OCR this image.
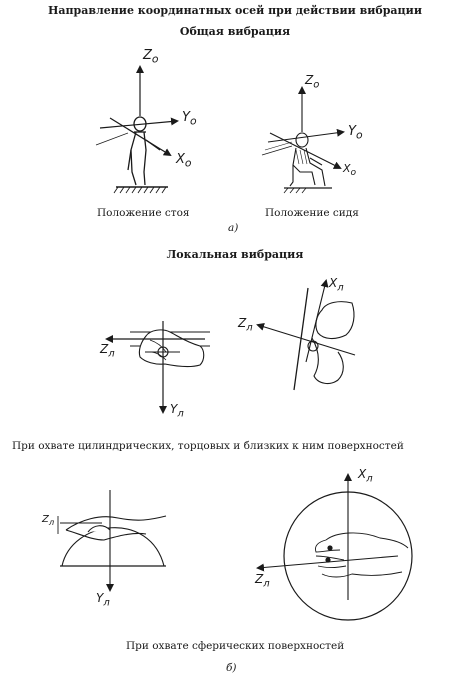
Направление координатных осей при действии вибрации
Общая вибрация
$Z_о$
$Y_о$
$X_о$
$Z_о$
$Y_о$
$X_о$
Положение стоя	Положение сидя
а)
Локальная вибрация
$Z_л$
$Y_л$
$X_л$
$Z_л$
При охвате цилиндрических, торцовых и близких к ним поверхностей
$Z_л$
$Y_л$
$X_л$
$Z_л$
При охвате сферических поверхностей
б)
